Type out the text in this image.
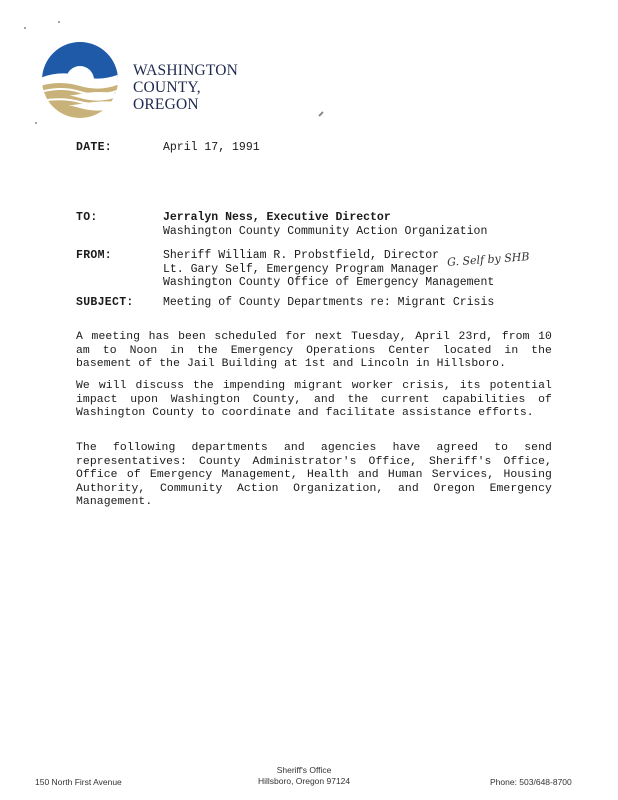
WASHINGTON
COUNTY,
OREGON
DATE:	April 17, 1991
TO:	Jerralyn Ness, Executive Director
Washington County Community Action Organization
FROM:	Sheriff William R. Probstfield, Director
Lt. Gary Self, Emergency Program Manager
Washington County Office of Emergency Management
G. Self by SHB
SUBJECT:	Meeting of County Departments re: Migrant Crisis
A meeting has been scheduled for next Tuesday, April 23rd, from 10 am to Noon in the Emergency Operations Center located in the basement of the Jail Building at 1st and Lincoln in Hillsboro.
We will discuss the impending migrant worker crisis, its potential impact upon Washington County, and the current capabilities of Washington County to coordinate and facilitate assistance efforts.
The following departments and agencies have agreed to send representatives: County Administrator's Office, Sheriff's Office, Office of Emergency Management, Health and Human Services, Housing Authority, Community Action Organization, and Oregon Emergency Management.
150 North First Avenue
Sheriff's Office
Hillsboro, Oregon 97124	Phone: 503/648-8700
